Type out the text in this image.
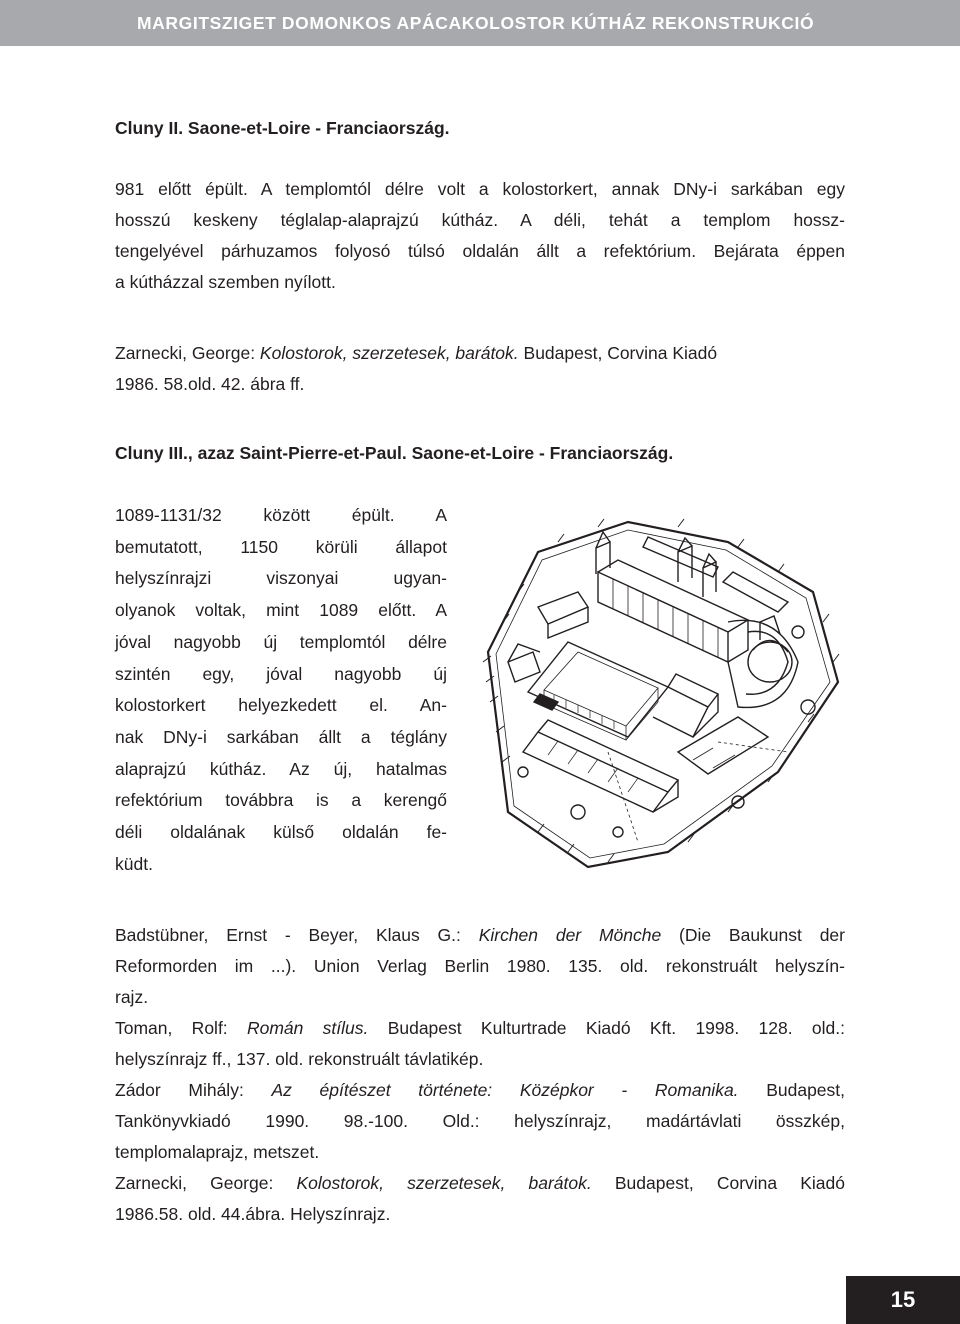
MARGITSZIGET DOMONKOS APÁCAKOLOSTOR KÚTHÁZ REKONSTRUKCIÓ
Cluny II. Saone-et-Loire - Franciaország.
981 előtt épült. A templomtól délre volt a kolostorkert, annak DNy-i sarkában egy
hosszú keskeny téglalap-alaprajzú kútház. A déli, tehát a templom hossz-
tengelyével párhuzamos folyosó túlsó oldalán állt a refektórium. Bejárata éppen
a kútházzal szemben nyílott.
Zarnecki, George: Kolostorok, szerzetesek, barátok. Budapest, Corvina Kiadó
1986. 58.old. 42. ábra ff.
Cluny III., azaz Saint-Pierre-et-Paul. Saone-et-Loire - Franciaország.
1089-1131/32 között épült. A
bemutatott, 1150 körüli állapot
helyszínrajzi viszonyai ugyan-
olyanok voltak, mint 1089 előtt. A
jóval nagyobb új templomtól délre
szintén egy, jóval nagyobb új
kolostorkert helyezkedett el. An-
nak DNy-i sarkában állt a téglány
alaprajzú kútház. Az új, hatalmas
refektórium továbbra is a kerengő
déli oldalának külső oldalán fe-
küdt.
Badstübner, Ernst - Beyer, Klaus G.: Kirchen der Mönche (Die Baukunst der
Reformorden im ...). Union Verlag Berlin 1980. 135. old. rekonstruált helyszín-
rajz.
Toman, Rolf: Román stílus. Budapest Kulturtrade Kiadó Kft. 1998. 128. old.:
helyszínrajz ff., 137. old. rekonstruált távlatikép.
Zádor Mihály: Az építészet története: Középkor - Romanika. Budapest,
Tankönyvkiadó 1990. 98.-100. Old.: helyszínrajz, madártávlati összkép,
templomalaprajz, metszet.
Zarnecki, George: Kolostorok, szerzetesek, barátok. Budapest, Corvina Kiadó
1986.58. old. 44.ábra. Helyszínrajz.
15
